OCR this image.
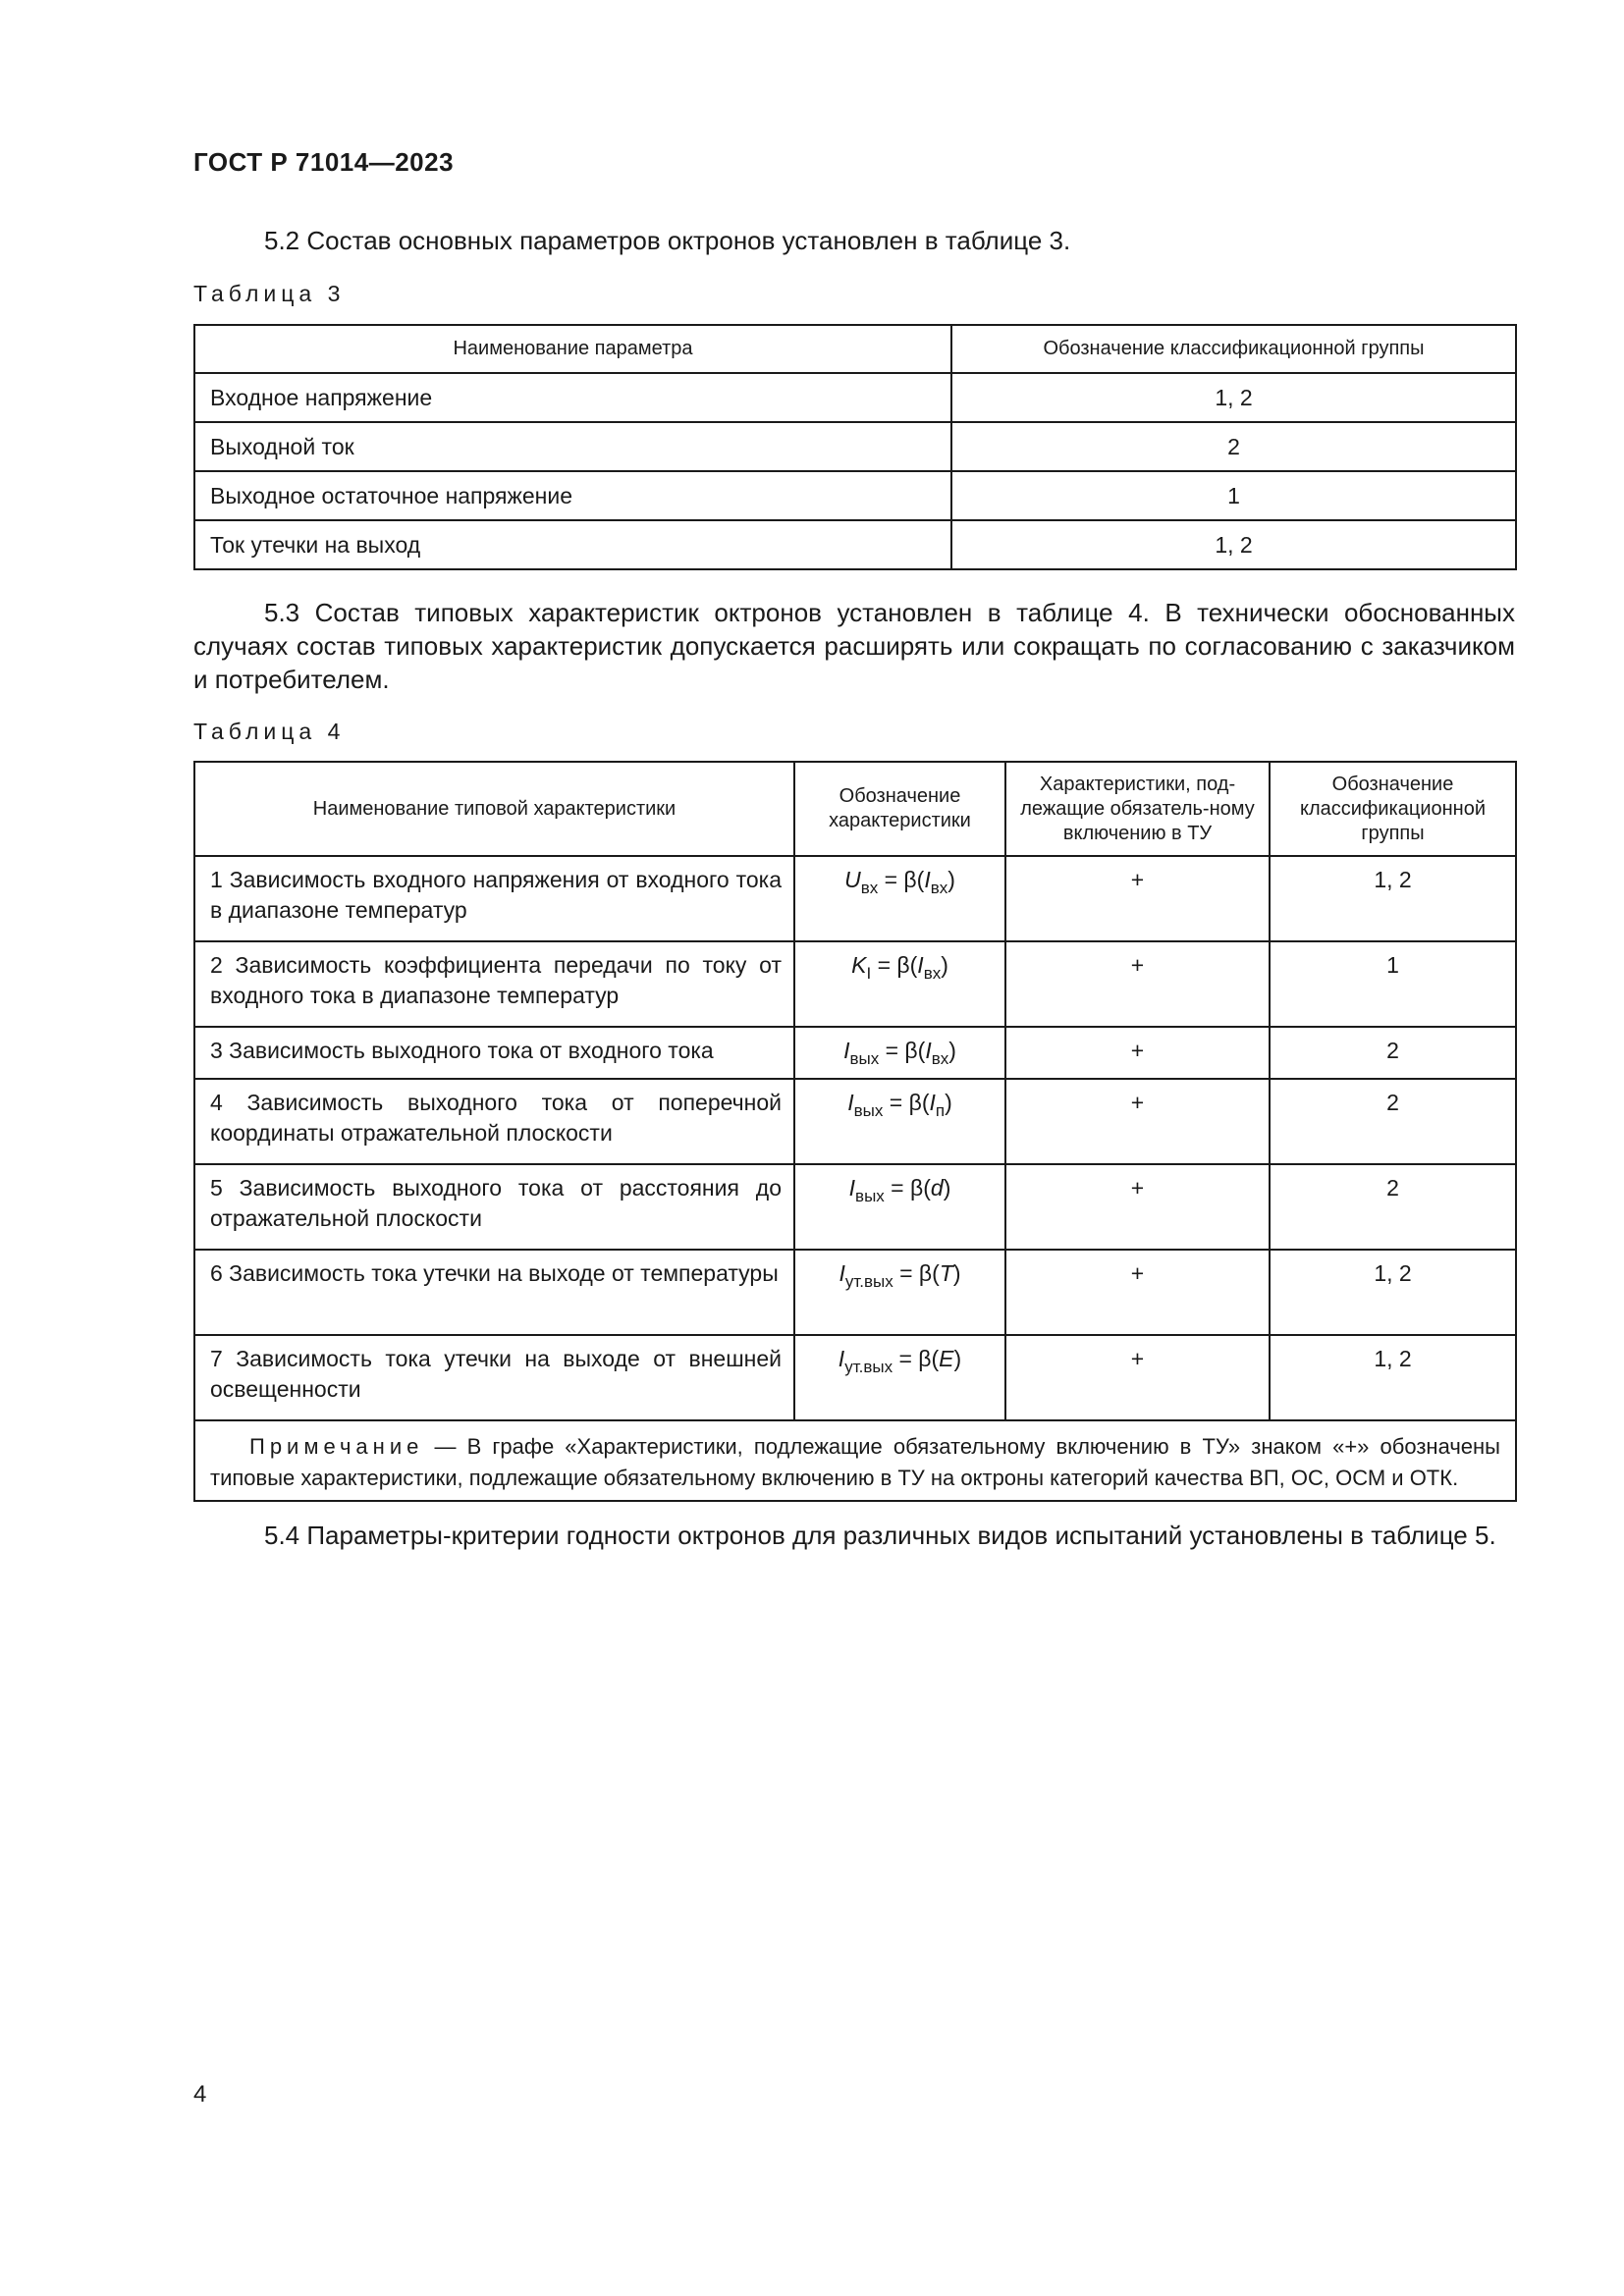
ГОСТ Р 71014—2023
5.2 Состав основных параметров октронов установлен в таблице 3.
Таблица 3
Наименование параметра	Обозначение классификационной группы
Входное напряжение	1, 2
Выходной ток	2
Выходное остаточное напряжение	1
Ток утечки на выход	1, 2
5.3 Состав типовых характеристик октронов установлен в таблице 4. В технически обоснованных случаях состав типовых характеристик допускается расширять или сокращать по согласованию с заказчиком и потребителем.
Таблица 4
Наименование типовой характеристики	Обозначение характеристики	Характеристики, под-лежащие обязатель-ному включению в ТУ	Обозначение классификационной группы
1 Зависимость входного напряжения от входного тока в диапазоне температур	$U_{вх} = \beta(I_{вх})$	+	1, 2
2 Зависимость коэффициента передачи по току от входного тока в диапазоне температур	$K_I = \beta(I_{вх})$	+	1
3 Зависимость выходного тока от входного тока	$I_{вых} = \beta(I_{вх})$	+	2
4 Зависимость выходного тока от поперечной координаты отражательной плоскости	$I_{вых} = \beta(I_п)$	+	2
5 Зависимость выходного тока от расстояния до отражательной плоскости	$I_{вых} = \beta(d)$	+	2
6 Зависимость тока утечки на выходе от температуры	$I_{ут.вых} = \beta(T)$	+	1, 2
7 Зависимость тока утечки на выходе от внешней освещенности	$I_{ут.вых} = \beta(E)$	+	1, 2
Примечание — В графе «Характеристики, подлежащие обязательному включению в ТУ» знаком «+» обозначены типовые характеристики, подлежащие обязательному включению в ТУ на октроны категорий качества ВП, ОС, ОСМ и ОТК.			
5.4 Параметры-критерии годности октронов для различных видов испытаний установлены в таблице 5.
4
